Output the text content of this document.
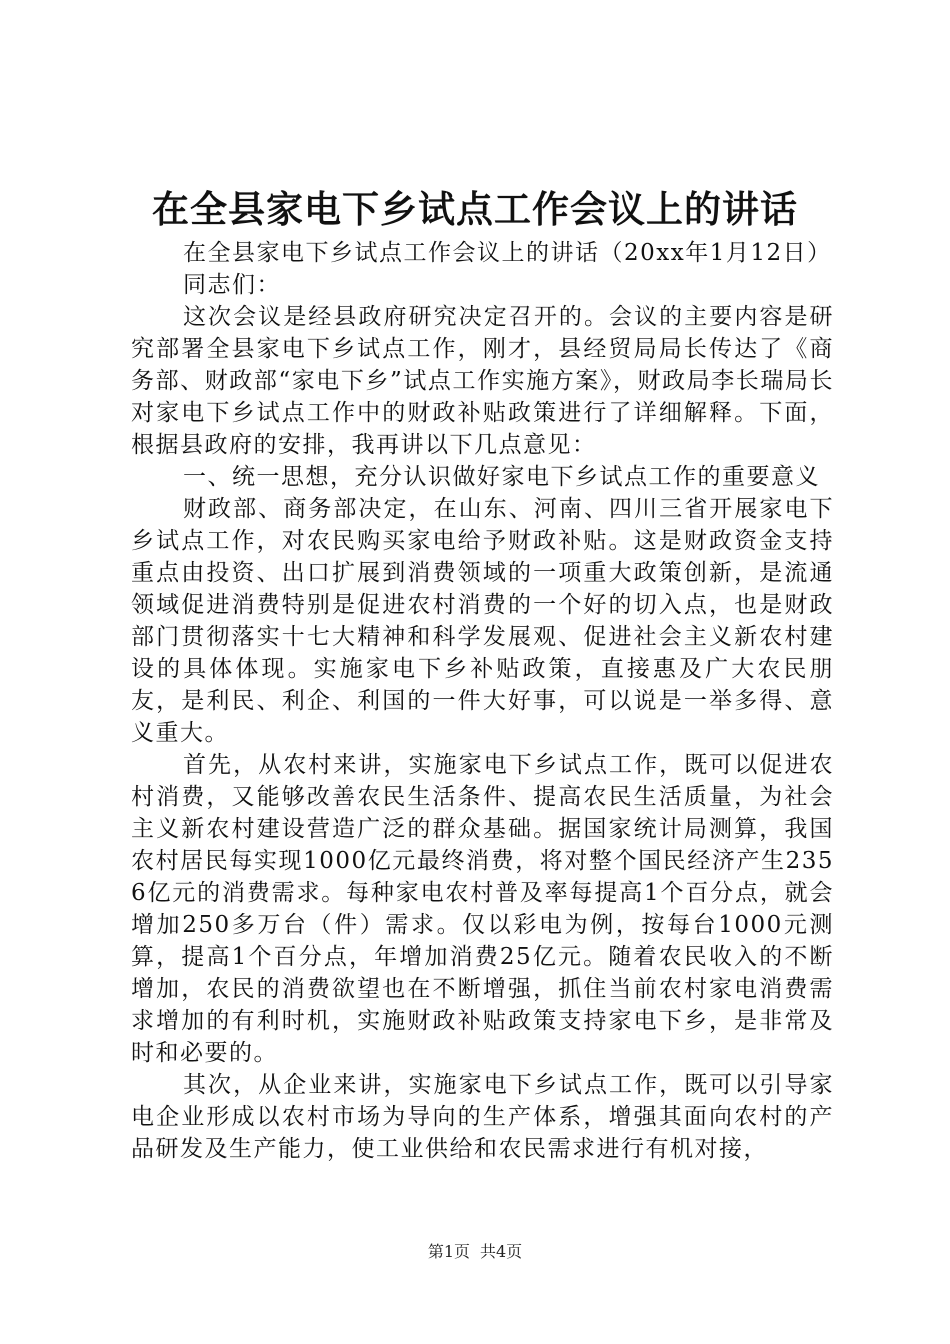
在全县家电下乡试点工作会议上的讲话

在全县家电下乡试点工作会议上的讲话（20xx年1月12日）

同志们：

这次会议是经县政府研究决定召开的。会议的主要内容是研究部署全县家电下乡试点工作，刚才，县经贸局局长传达了《商务部、财政部“家电下乡”试点工作实施方案》，财政局李长瑞局长对家电下乡试点工作中的财政补贴政策进行了详细解释。下面，根据县政府的安排，我再讲以下几点意见：

一、统一思想，充分认识做好家电下乡试点工作的重要意义

财政部、商务部决定，在山东、河南、四川三省开展家电下乡试点工作，对农民购买家电给予财政补贴。这是财政资金支持重点由投资、出口扩展到消费领域的一项重大政策创新，是流通领域促进消费特别是促进农村消费的一个好的切入点，也是财政部门贯彻落实十七大精神和科学发展观、促进社会主义新农村建设的具体体现。实施家电下乡补贴政策，直接惠及广大农民朋友，是利民、利企、利国的一件大好事，可以说是一举多得、意义重大。

首先，从农村来讲，实施家电下乡试点工作，既可以促进农村消费，又能够改善农民生活条件、提高农民生活质量，为社会主义新农村建设营造广泛的群众基础。据国家统计局测算，我国农村居民每实现1000亿元最终消费，将对整个国民经济产生2356亿元的消费需求。每种家电农村普及率每提高1个百分点，就会增加250多万台（件）需求。仅以彩电为例，按每台1000元测算，提高1个百分点，年增加消费25亿元。随着农民收入的不断增加，农民的消费欲望也在不断增强，抓住当前农村家电消费需求增加的有利时机，实施财政补贴政策支持家电下乡，是非常及时和必要的。

其次，从企业来讲，实施家电下乡试点工作，既可以引导家电企业形成以农村市场为导向的生产体系，增强其面向农村的产品研发及生产能力，使工业供给和农民需求进行有机对接，

第1页 共4页
